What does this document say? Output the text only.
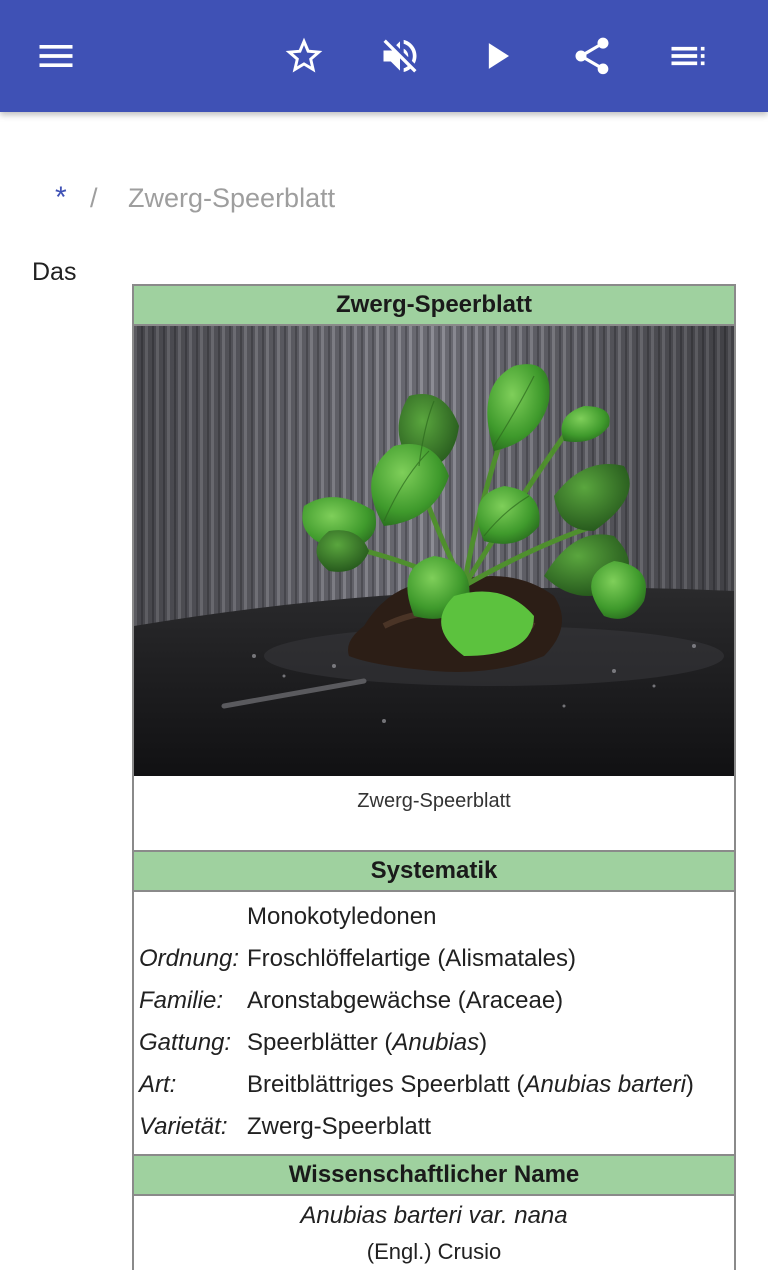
* / Zwerg-Speerblatt
Das
Zwerg-Speerblatt
Zwerg-Speerblatt
Systematik
Monokotyledonen
Ordnung: Froschlöffelartige (Alismatales)
Familie: Aronstabgewächse (Araceae)
Gattung: Speerblätter (Anubias)
Art:	Breitblättriges Speerblatt (Anubias barteri)
Varietät: Zwerg-Speerblatt
Wissenschaftlicher Name
Anubias barteri var. nana
(Engl.) Crusio
